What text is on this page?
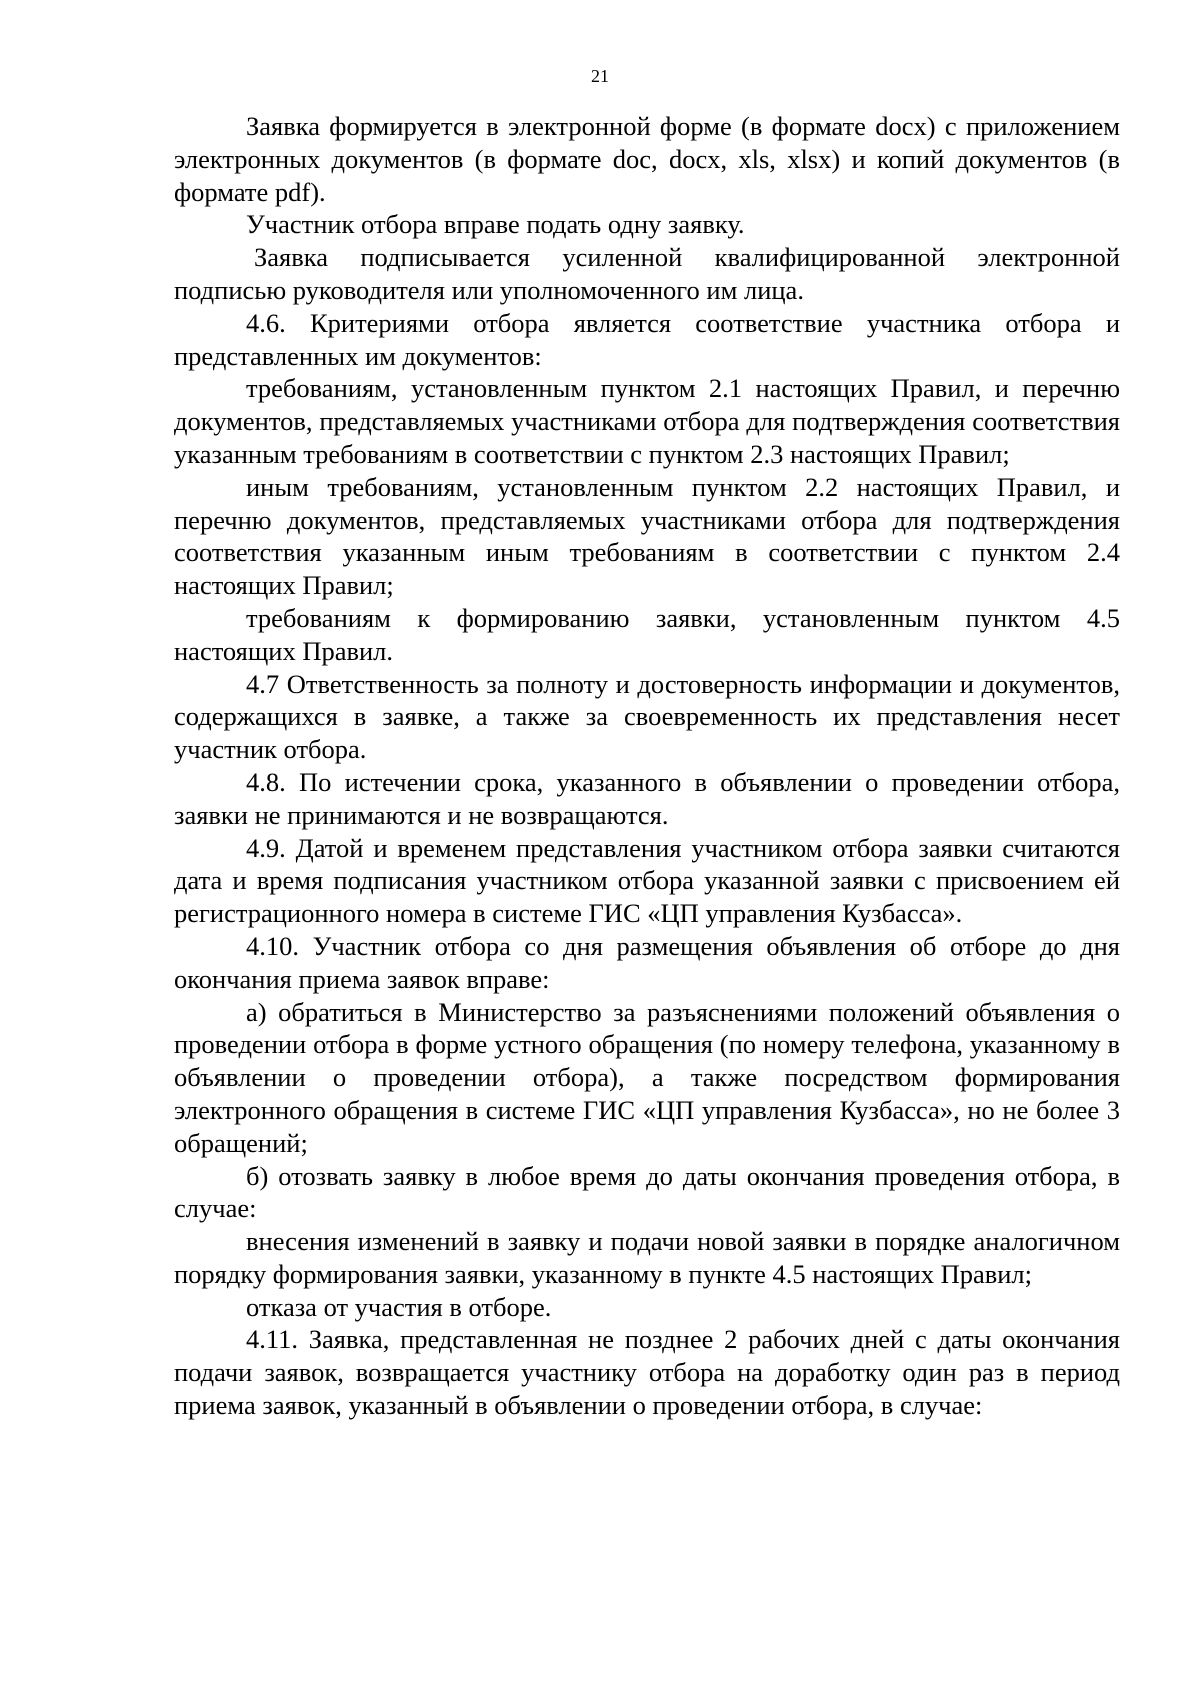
21

Заявка формируется в электронной форме (в формате docx) с приложением электронных документов (в формате doc, docx, xls, xlsx) и копий документов (в формате pdf).

Участник отбора вправе подать одну заявку.

Заявка подписывается усиленной квалифицированной электронной подписью руководителя или уполномоченного им лица.

4.6. Критериями отбора является соответствие участника отбора и представленных им документов:

требованиям, установленным пунктом 2.1 настоящих Правил, и перечню документов, представляемых участниками отбора для подтверждения соответствия указанным требованиям в соответствии с пунктом 2.3 настоящих Правил;

иным требованиям, установленным пунктом 2.2 настоящих Правил, и перечню документов, представляемых участниками отбора для подтверждения соответствия указанным иным требованиям в соответствии с пунктом 2.4 настоящих Правил;

требованиям к формированию заявки, установленным пунктом 4.5 настоящих Правил.

4.7 Ответственность за полноту и достоверность информации и документов, содержащихся в заявке, а также за своевременность их представления несет участник отбора.

4.8. По истечении срока, указанного в объявлении о проведении отбора, заявки не принимаются и не возвращаются.

4.9. Датой и временем представления участником отбора заявки считаются дата и время подписания участником отбора указанной заявки с присвоением ей регистрационного номера в системе ГИС «ЦП управления Кузбасса».

4.10. Участник отбора со дня размещения объявления об отборе до дня окончания приема заявок вправе:

а) обратиться в Министерство за разъяснениями положений объявления о проведении отбора в форме устного обращения (по номеру телефона, указанному в объявлении о проведении отбора), а также посредством формирования электронного обращения в системе ГИС «ЦП управления Кузбасса», но не более 3 обращений;

б) отозвать заявку в любое время до даты окончания проведения отбора, в случае:

внесения изменений в заявку и подачи новой заявки в порядке аналогичном порядку формирования заявки, указанному в пункте 4.5 настоящих Правил;

отказа от участия в отборе.

4.11. Заявка, представленная не позднее 2 рабочих дней с даты окончания подачи заявок, возвращается участнику отбора на доработку один раз в период приема заявок, указанный в объявлении о проведении отбора, в случае:
